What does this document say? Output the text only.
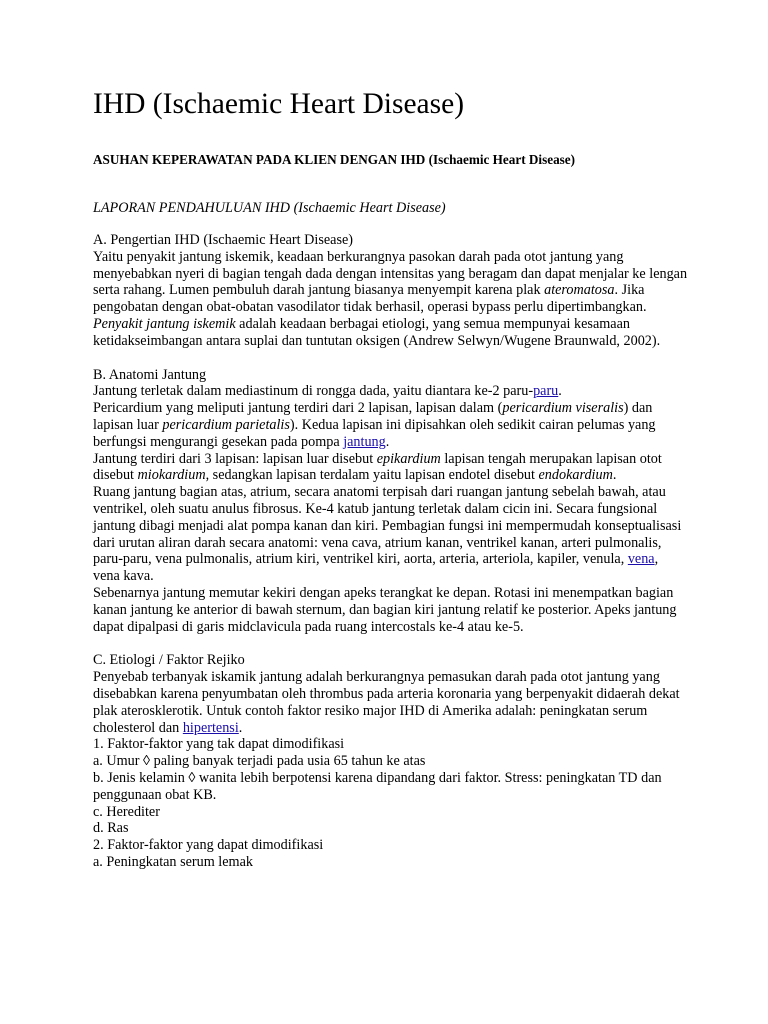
IHD (Ischaemic Heart Disease)
ASUHAN KEPERAWATAN PADA KLIEN DENGAN IHD (Ischaemic Heart Disease)
LAPORAN PENDAHULUAN IHD (Ischaemic Heart Disease)

A. Pengertian IHD (Ischaemic Heart Disease)

Yaitu penyakit jantung iskemik, keadaan berkurangnya pasokan darah pada otot jantung yang menyebabkan nyeri di bagian tengah dada dengan intensitas yang beragam dan dapat menjalar ke lengan serta rahang. Lumen pembuluh darah jantung biasanya menyempit karena plak ateromatosa. Jika pengobatan dengan obat-obatan vasodilator tidak berhasil, operasi bypass perlu dipertimbangkan.

Penyakit jantung iskemik adalah keadaan berbagai etiologi, yang semua mempunyai kesamaan ketidakseimbangan antara suplai dan tuntutan oksigen (Andrew Selwyn/Wugene Braunwald, 2002).

B. Anatomi Jantung

Jantung terletak dalam mediastinum di rongga dada, yaitu diantara ke-2 paru-paru.

Pericardium yang meliputi jantung terdiri dari 2 lapisan, lapisan dalam (pericardium viseralis) dan lapisan luar pericardium parietalis). Kedua lapisan ini dipisahkan oleh sedikit cairan pelumas yang berfungsi mengurangi gesekan pada pompa jantung.

Jantung terdiri dari 3 lapisan: lapisan luar disebut epikardium lapisan tengah merupakan lapisan otot disebut miokardium, sedangkan lapisan terdalam yaitu lapisan endotel disebut endokardium.

Ruang jantung bagian atas, atrium, secara anatomi terpisah dari ruangan jantung sebelah bawah, atau ventrikel, oleh suatu anulus fibrosus. Ke-4 katub jantung terletak dalam cicin ini. Secara fungsional jantung dibagi menjadi alat pompa kanan dan kiri. Pembagian fungsi ini mempermudah konseptualisasi dari urutan aliran darah secara anatomi: vena cava, atrium kanan, ventrikel kanan, arteri pulmonalis, paru-paru, vena pulmonalis, atrium kiri, ventrikel kiri, aorta, arteria, arteriola, kapiler, venula, vena, vena kava.

Sebenarnya jantung memutar kekiri dengan apeks terangkat ke depan. Rotasi ini menempatkan bagian kanan jantung ke anterior di bawah sternum, dan bagian kiri jantung relatif ke posterior. Apeks jantung dapat dipalpasi di garis midclavicula pada ruang intercostals ke-4 atau ke-5.

C. Etiologi / Faktor Rejiko

Penyebab terbanyak iskamik jantung adalah berkurangnya pemasukan darah pada otot jantung yang disebabkan karena penyumbatan oleh thrombus pada arteria koronaria yang berpenyakit didaerah dekat plak aterosklerotik. Untuk contoh faktor resiko major IHD di Amerika adalah: peningkatan serum cholesterol dan hipertensi.

1. Faktor-faktor yang tak dapat dimodifikasi

a. Umur ◊ paling banyak terjadi pada usia 65 tahun ke atas

b. Jenis kelamin ◊ wanita lebih berpotensi karena dipandang dari faktor. Stress: peningkatan TD dan penggunaan obat KB.

c. Herediter

d. Ras

2. Faktor-faktor yang dapat dimodifikasi

a. Peningkatan serum lemak
